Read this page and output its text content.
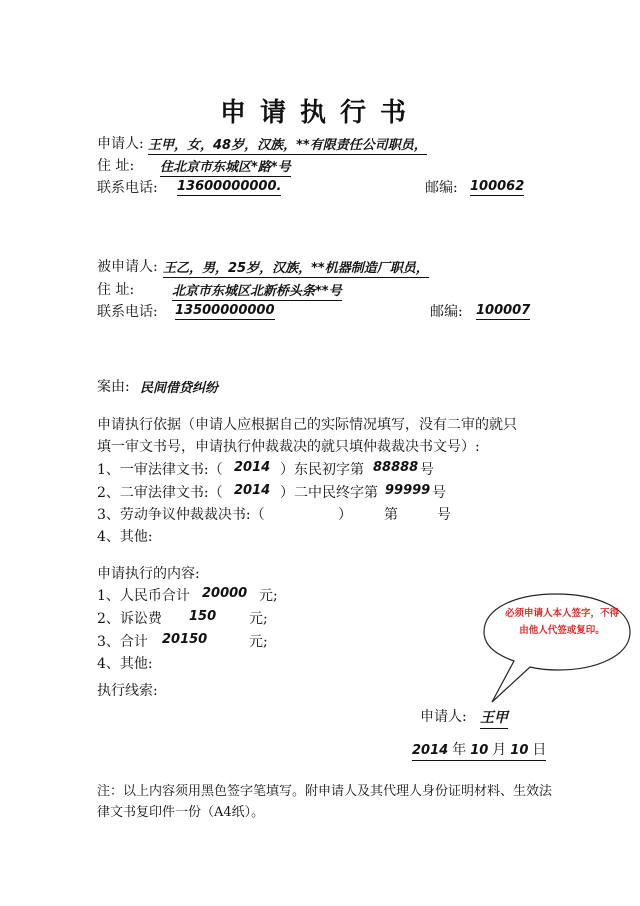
申请执行书
申请人: 王甲，女，48岁，汉族，**有限责任公司职员，
住 址: 住北京市东城区*路*号
联系电话: 13600000000.	邮编: 100062
被申请人: 王乙，男，25岁，汉族，**机器制造厂职员，
住 址:	北京市东城区北新桥头条**号
联系电话: 13500000000	邮编: 100007
案由: 民间借贷纠纷
申请执行依据（申请人应根据自己的实际情况填写，没有二审的就只
填一审文书号，申请执行仲裁裁决的就只填仲裁裁决书文号）:
1、一审法律文书:（ 2014 ）东民初字第 88888 号
2、二审法律文书:（ 2014 ）二中民终字第 99999 号
3、劳动争议仲裁裁决书:（	） 第	号
4、其他:
申请执行的内容:
1、人民币合计 20000 元;
2、诉讼费 150 元;
3、合计 20150	元;
4、其他:
执行线索:
必须申请人本人签字，不得由他人代签或复印。
申请人: 王甲
2014 年 10 月 10 日
注：以上内容须用黑色签字笔填写。附申请人及其代理人身份证明材料、生效法
律文书复印件一份（A4纸）。
